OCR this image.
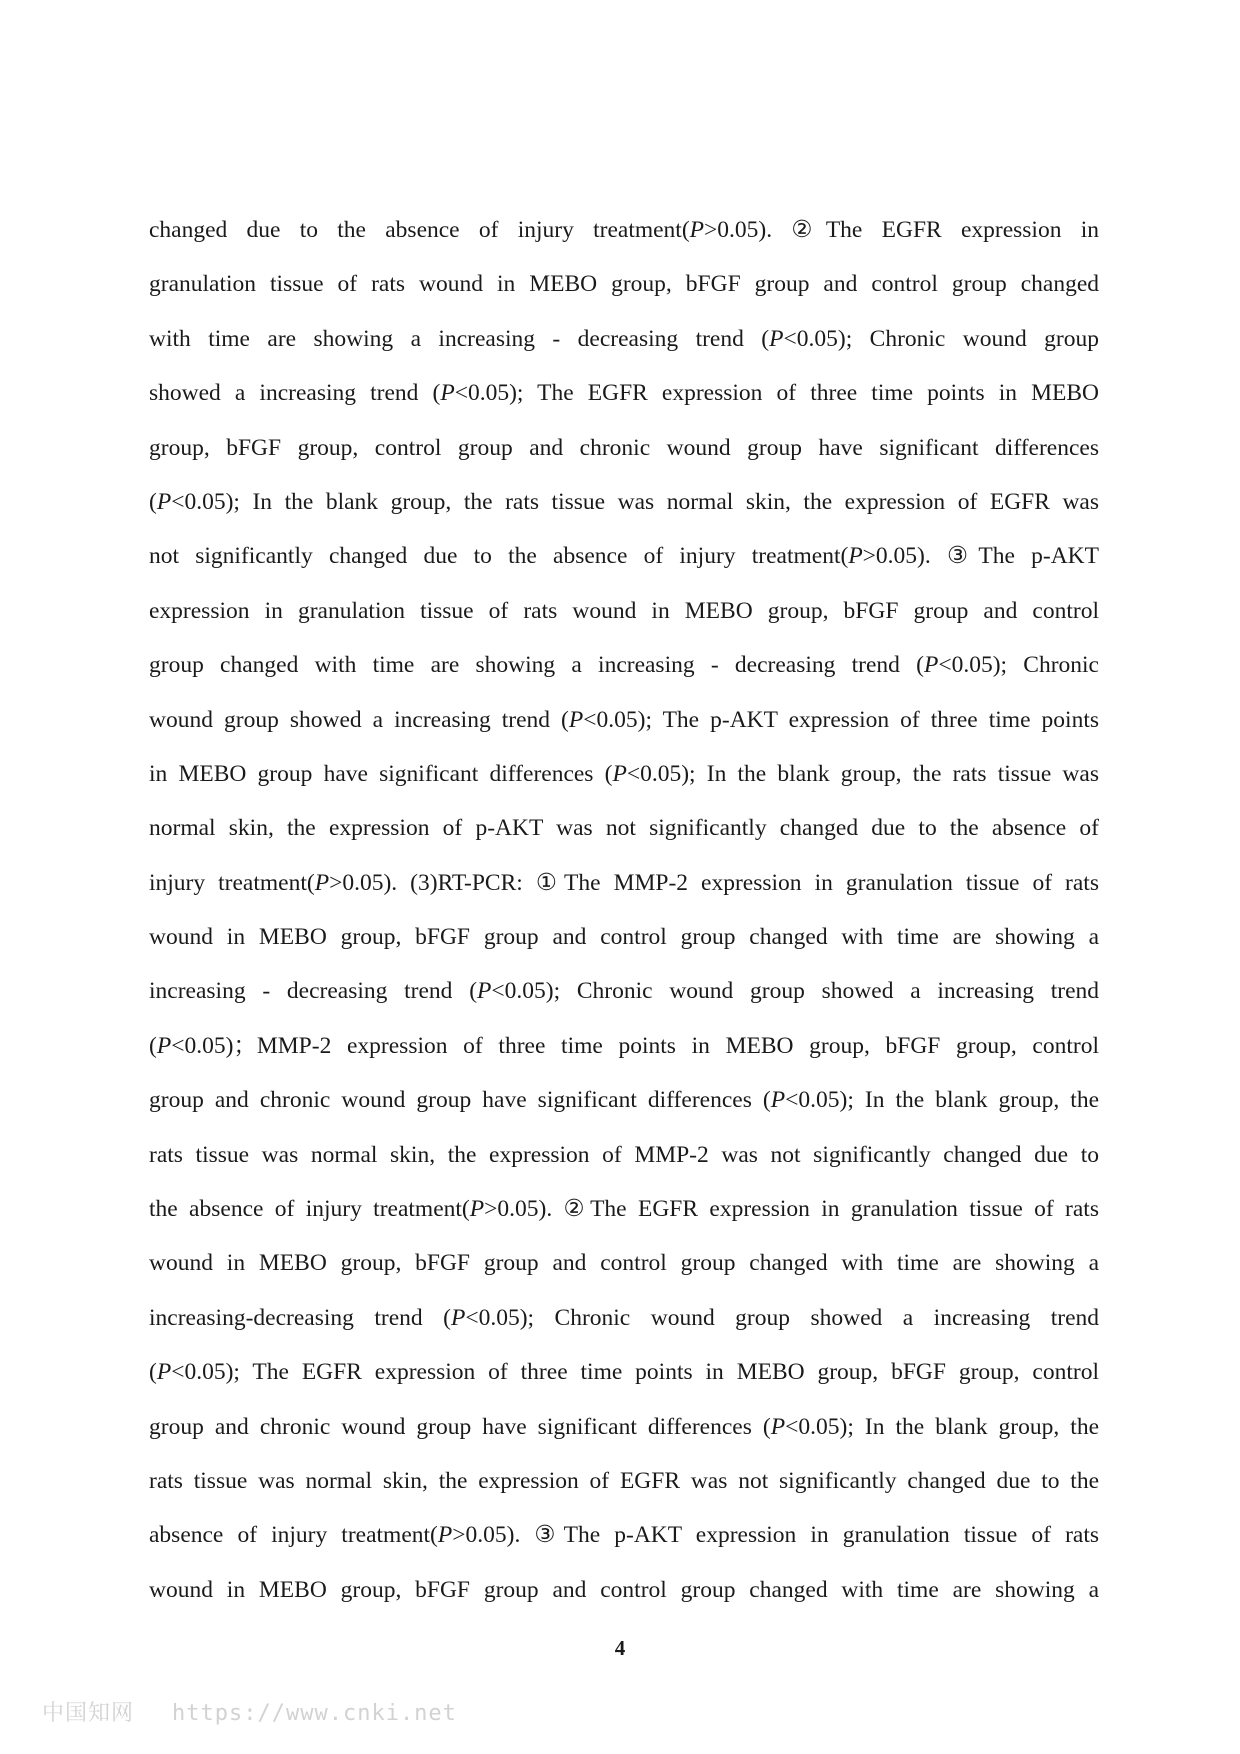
changed due to the absence of injury treatment(P>0.05). ②The EGFR expression in
granulation tissue of rats wound in MEBO group, bFGF group and control group changed
with time are showing a increasing - decreasing trend (P<0.05); Chronic wound group
showed a increasing trend (P<0.05); The EGFR expression of three time points in MEBO
group, bFGF group, control group and chronic wound group have significant differences
(P<0.05); In the blank group, the rats tissue was normal skin, the expression of EGFR was
not significantly changed due to the absence of injury treatment(P>0.05). ③The p-AKT
expression in granulation tissue of rats wound in MEBO group, bFGF group and control
group changed with time are showing a increasing - decreasing trend (P<0.05); Chronic
wound group showed a increasing trend (P<0.05); The p-AKT expression of three time points
in MEBO group have significant differences (P<0.05); In the blank group, the rats tissue was
normal skin, the expression of p-AKT was not significantly changed due to the absence of
injury treatment(P>0.05). (3)RT-PCR: ①The MMP-2 expression in granulation tissue of rats
wound in MEBO group, bFGF group and control group changed with time are showing a
increasing - decreasing trend (P<0.05); Chronic wound group showed a increasing trend
(P<0.05)；MMP-2 expression of three time points in MEBO group, bFGF group, control
group and chronic wound group have significant differences (P<0.05); In the blank group, the
rats tissue was normal skin, the expression of MMP-2 was not significantly changed due to
the absence of injury treatment(P>0.05). ②The EGFR expression in granulation tissue of rats
wound in MEBO group, bFGF group and control group changed with time are showing a
increasing-decreasing trend (P<0.05); Chronic wound group showed a increasing trend
(P<0.05); The EGFR expression of three time points in MEBO group, bFGF group, control
group and chronic wound group have significant differences (P<0.05); In the blank group, the
rats tissue was normal skin, the expression of EGFR was not significantly changed due to the
absence of injury treatment(P>0.05). ③The p-AKT expression in granulation tissue of rats
wound in MEBO group, bFGF group and control group changed with time are showing a
4
中国知网 https://www.cnki.net
